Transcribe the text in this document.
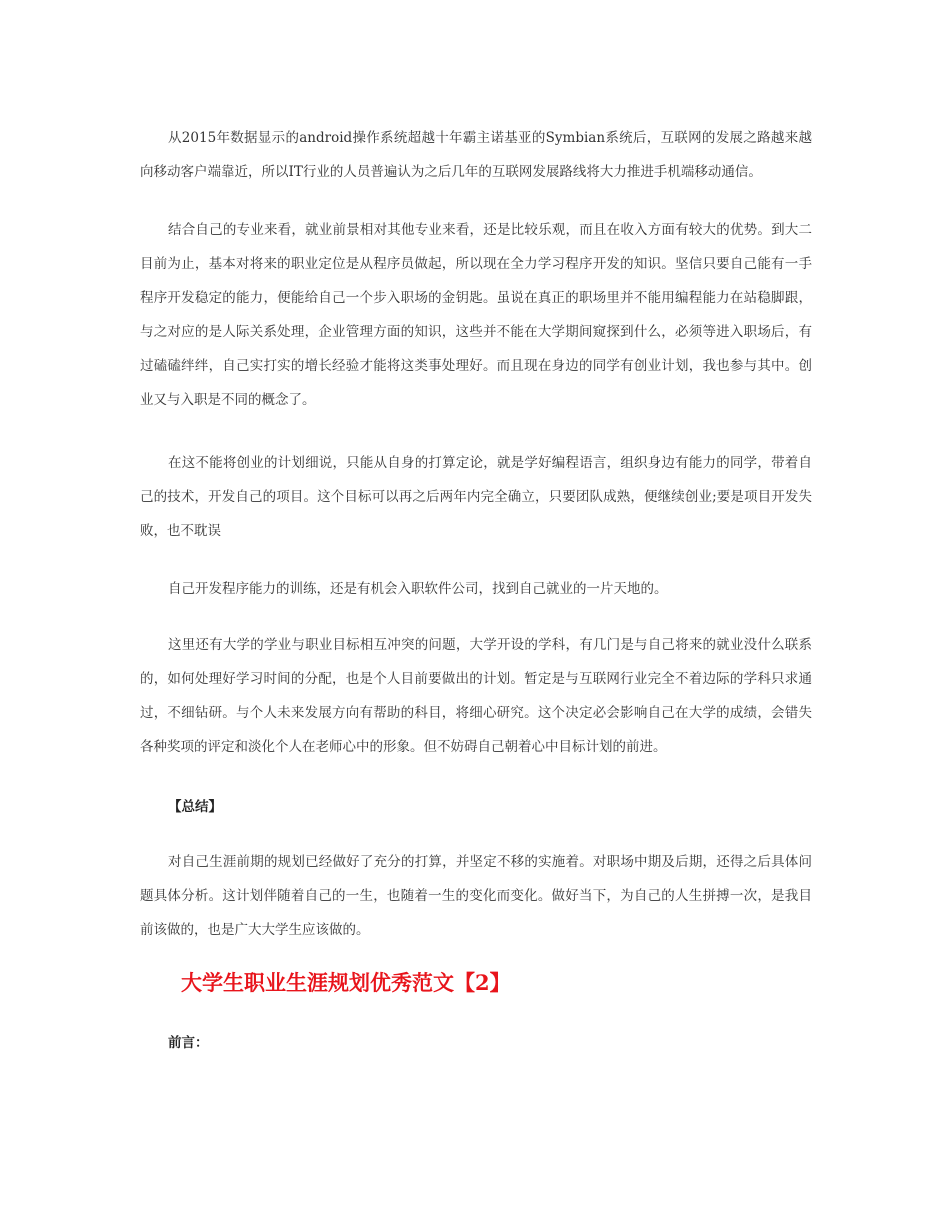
从2015年数据显示的android操作系统超越十年霸主诺基亚的Symbian系统后，互联网的发展之路越来越向移动客户端靠近，所以IT行业的人员普遍认为之后几年的互联网发展路线将大力推进手机端移动通信。

结合自己的专业来看，就业前景相对其他专业来看，还是比较乐观，而且在收入方面有较大的优势。到大二目前为止，基本对将来的职业定位是从程序员做起，所以现在全力学习程序开发的知识。坚信只要自己能有一手程序开发稳定的能力，便能给自己一个步入职场的金钥匙。虽说在真正的职场里并不能用编程能力在站稳脚跟，与之对应的是人际关系处理，企业管理方面的知识，这些并不能在大学期间窥探到什么，必须等进入职场后，有过磕磕绊绊，自己实打实的增长经验才能将这类事处理好。而且现在身边的同学有创业计划，我也参与其中。创业又与入职是不同的概念了。

在这不能将创业的计划细说，只能从自身的打算定论，就是学好编程语言，组织身边有能力的同学，带着自己的技术，开发自己的项目。这个目标可以再之后两年内完全确立，只要团队成熟，便继续创业;要是项目开发失败，也不耽误

自己开发程序能力的训练，还是有机会入职软件公司，找到自己就业的一片天地的。

这里还有大学的学业与职业目标相互冲突的问题，大学开设的学科，有几门是与自己将来的就业没什么联系的，如何处理好学习时间的分配，也是个人目前要做出的计划。暂定是与互联网行业完全不着边际的学科只求通过，不细钻研。与个人未来发展方向有帮助的科目，将细心研究。这个决定必会影响自己在大学的成绩，会错失各种奖项的评定和淡化个人在老师心中的形象。但不妨碍自己朝着心中目标计划的前进。

【总结】

对自己生涯前期的规划已经做好了充分的打算，并坚定不移的实施着。对职场中期及后期，还得之后具体问题具体分析。这计划伴随着自己的一生，也随着一生的变化而变化。做好当下，为自己的人生拼搏一次，是我目前该做的，也是广大大学生应该做的。

大学生职业生涯规划优秀范文【2】

前言：
